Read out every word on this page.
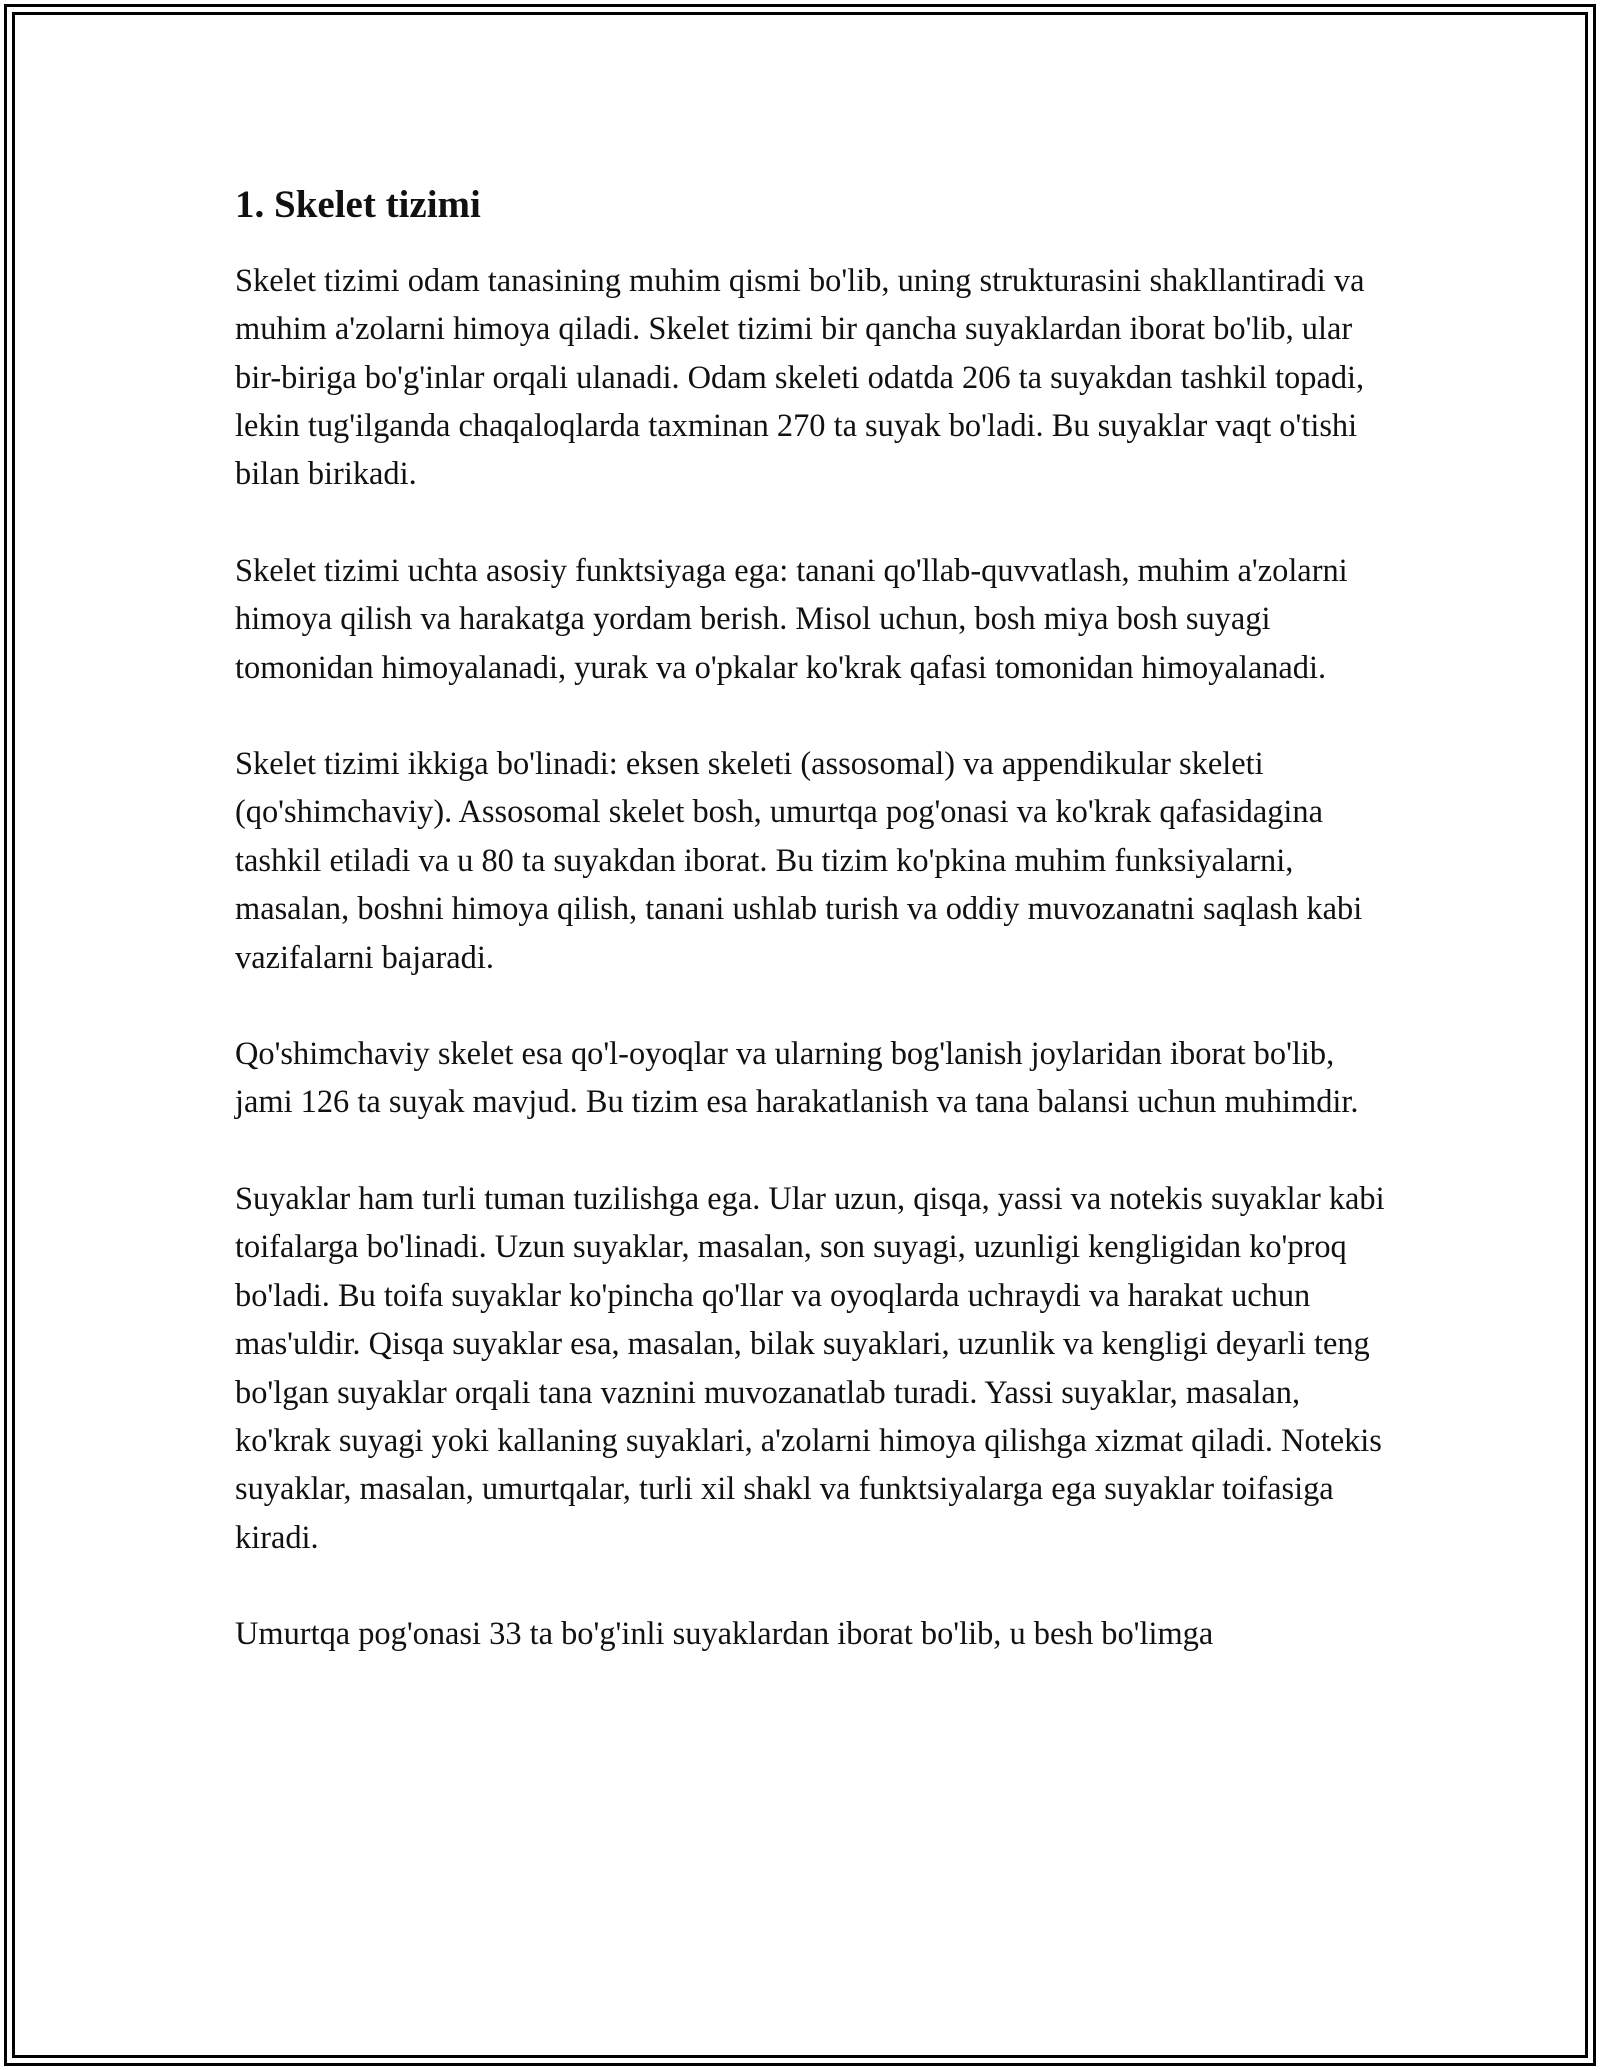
1. Skelet tizimi

Skelet tizimi odam tanasining muhim qismi bo'lib, uning strukturasini shakllantiradi va muhim a'zolarni himoya qiladi. Skelet tizimi bir qancha suyaklardan iborat bo'lib, ular bir-biriga bo'g'inlar orqali ulanadi. Odam skeleti odatda 206 ta suyakdan tashkil topadi, lekin tug'ilganda chaqaloqlarda taxminan 270 ta suyak bo'ladi. Bu suyaklar vaqt o'tishi bilan birikadi.

Skelet tizimi uchta asosiy funktsiyaga ega: tanani qo'llab-quvvatlash, muhim a'zolarni himoya qilish va harakatga yordam berish. Misol uchun, bosh miya bosh suyagi tomonidan himoyalanadi, yurak va o'pkalar ko'krak qafasi tomonidan himoyalanadi.

Skelet tizimi ikkiga bo'linadi: eksen skeleti (assosomal) va appendikular skeleti (qo'shimchaviy). Assosomal skelet bosh, umurtqa pog'onasi va ko'krak qafasidagina tashkil etiladi va u 80 ta suyakdan iborat. Bu tizim ko'pkina muhim funksiyalarni, masalan, boshni himoya qilish, tanani ushlab turish va oddiy muvozanatni saqlash kabi vazifalarni bajaradi.

Qo'shimchaviy skelet esa qo'l-oyoqlar va ularning bog'lanish joylaridan iborat bo'lib, jami 126 ta suyak mavjud. Bu tizim esa harakatlanish va tana balansi uchun muhimdir.

Suyaklar ham turli tuman tuzilishga ega. Ular uzun, qisqa, yassi va notekis suyaklar kabi toifalarga bo'linadi. Uzun suyaklar, masalan, son suyagi, uzunligi kengligidan ko'proq bo'ladi. Bu toifa suyaklar ko'pincha qo'llar va oyoqlarda uchraydi va harakat uchun mas'uldir. Qisqa suyaklar esa, masalan, bilak suyaklari, uzunlik va kengligi deyarli teng bo'lgan suyaklar orqali tana vaznini muvozanatlab turadi. Yassi suyaklar, masalan, ko'krak suyagi yoki kallaning suyaklari, a'zolarni himoya qilishga xizmat qiladi. Notekis suyaklar, masalan, umurtqalar, turli xil shakl va funktsiyalarga ega suyaklar toifasiga kiradi.

Umurtqa pog'onasi 33 ta bo'g'inli suyaklardan iborat bo'lib, u besh bo'limga
